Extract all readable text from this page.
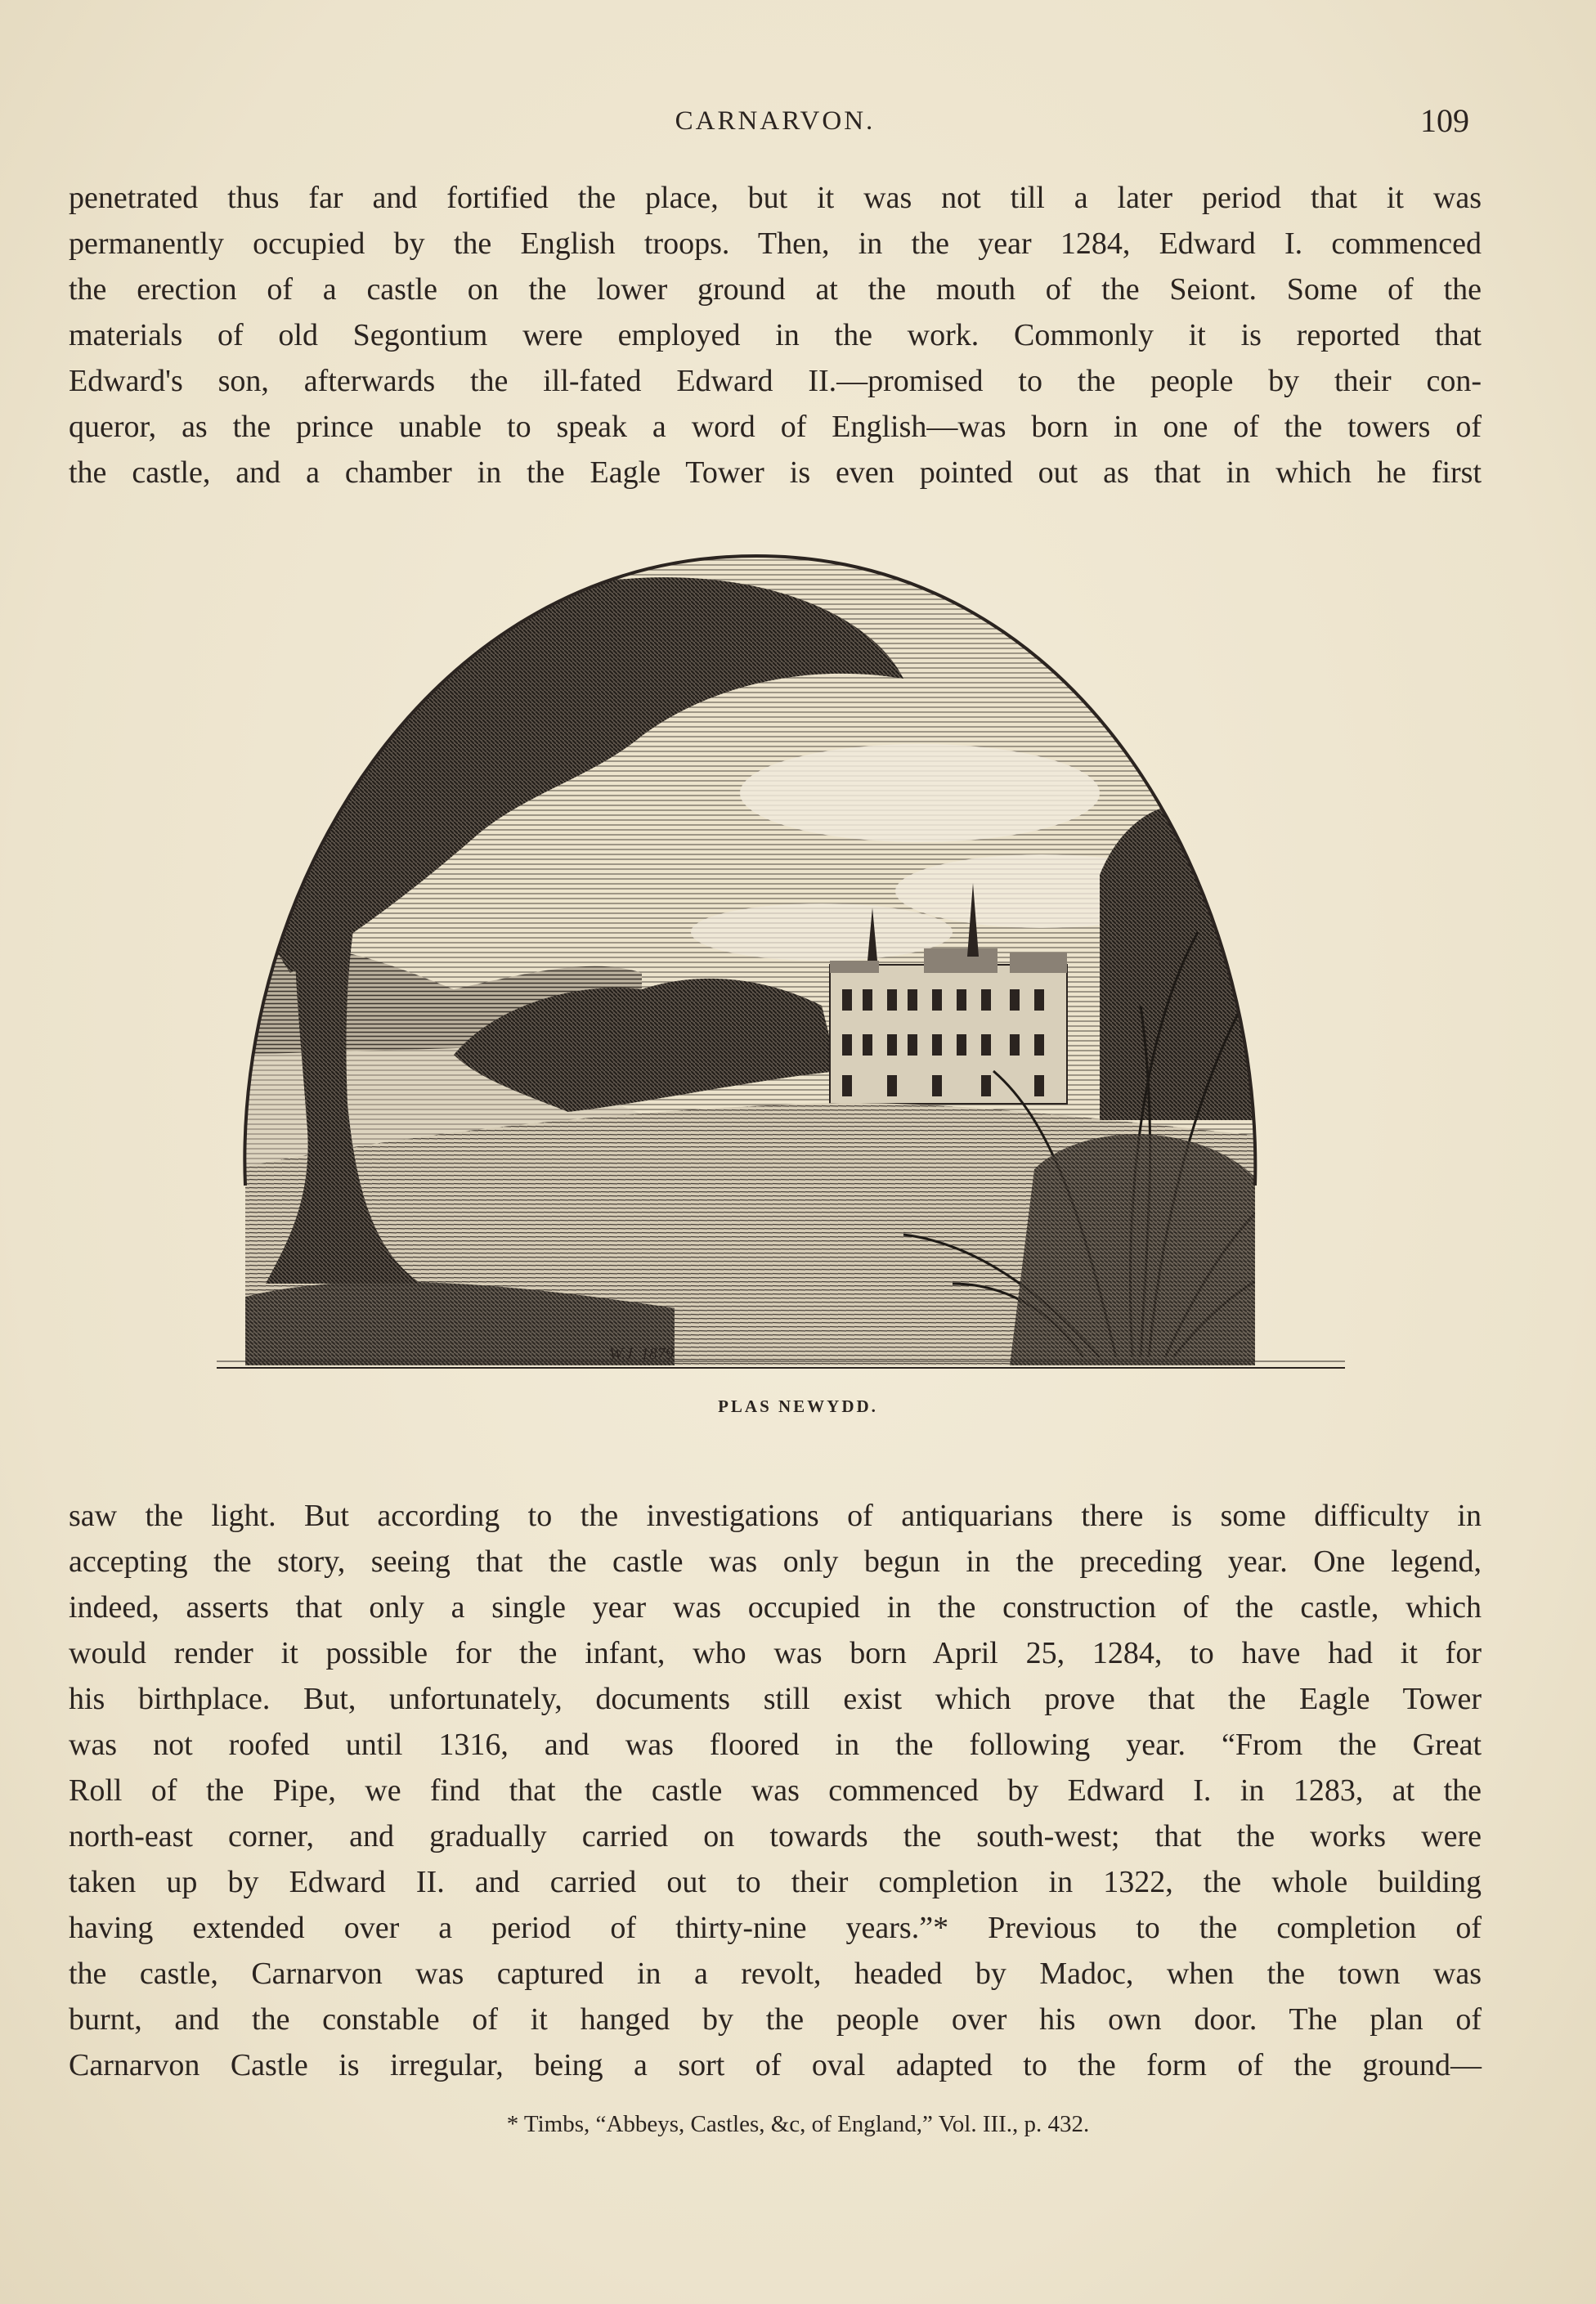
CARNARVON.	109
penetrated thus far and fortified the place, but it was not till a later period that it was
permanently occupied by the English troops. Then, in the year 1284, Edward I. commenced
the erection of a castle on the lower ground at the mouth of the Seiont. Some of the
materials of old Segontium were employed in the work. Commonly it is reported that
Edward's son, afterwards the ill-fated Edward II.—promised to the people by their con-
queror, as the prince unable to speak a word of English—was born in one of the towers of
the castle, and a chamber in the Eagle Tower is even pointed out as that in which he first
W.J. 1879
PLAS NEWYDD.
saw the light. But according to the investigations of antiquarians there is some difficulty in
accepting the story, seeing that the castle was only begun in the preceding year. One legend,
indeed, asserts that only a single year was occupied in the construction of the castle, which
would render it possible for the infant, who was born April 25, 1284, to have had it for
his birthplace. But, unfortunately, documents still exist which prove that the Eagle Tower
was not roofed until 1316, and was floored in the following year. “From the Great
Roll of the Pipe, we find that the castle was commenced by Edward I. in 1283, at the
north-east corner, and gradually carried on towards the south-west; that the works were
taken up by Edward II. and carried out to their completion in 1322, the whole building
having extended over a period of thirty-nine years.”* Previous to the completion of
the castle, Carnarvon was captured in a revolt, headed by Madoc, when the town was
burnt, and the constable of it hanged by the people over his own door. The plan of
Carnarvon Castle is irregular, being a sort of oval adapted to the form of the ground—
* Timbs, “Abbeys, Castles, &c, of England,” Vol. III., p. 432.
